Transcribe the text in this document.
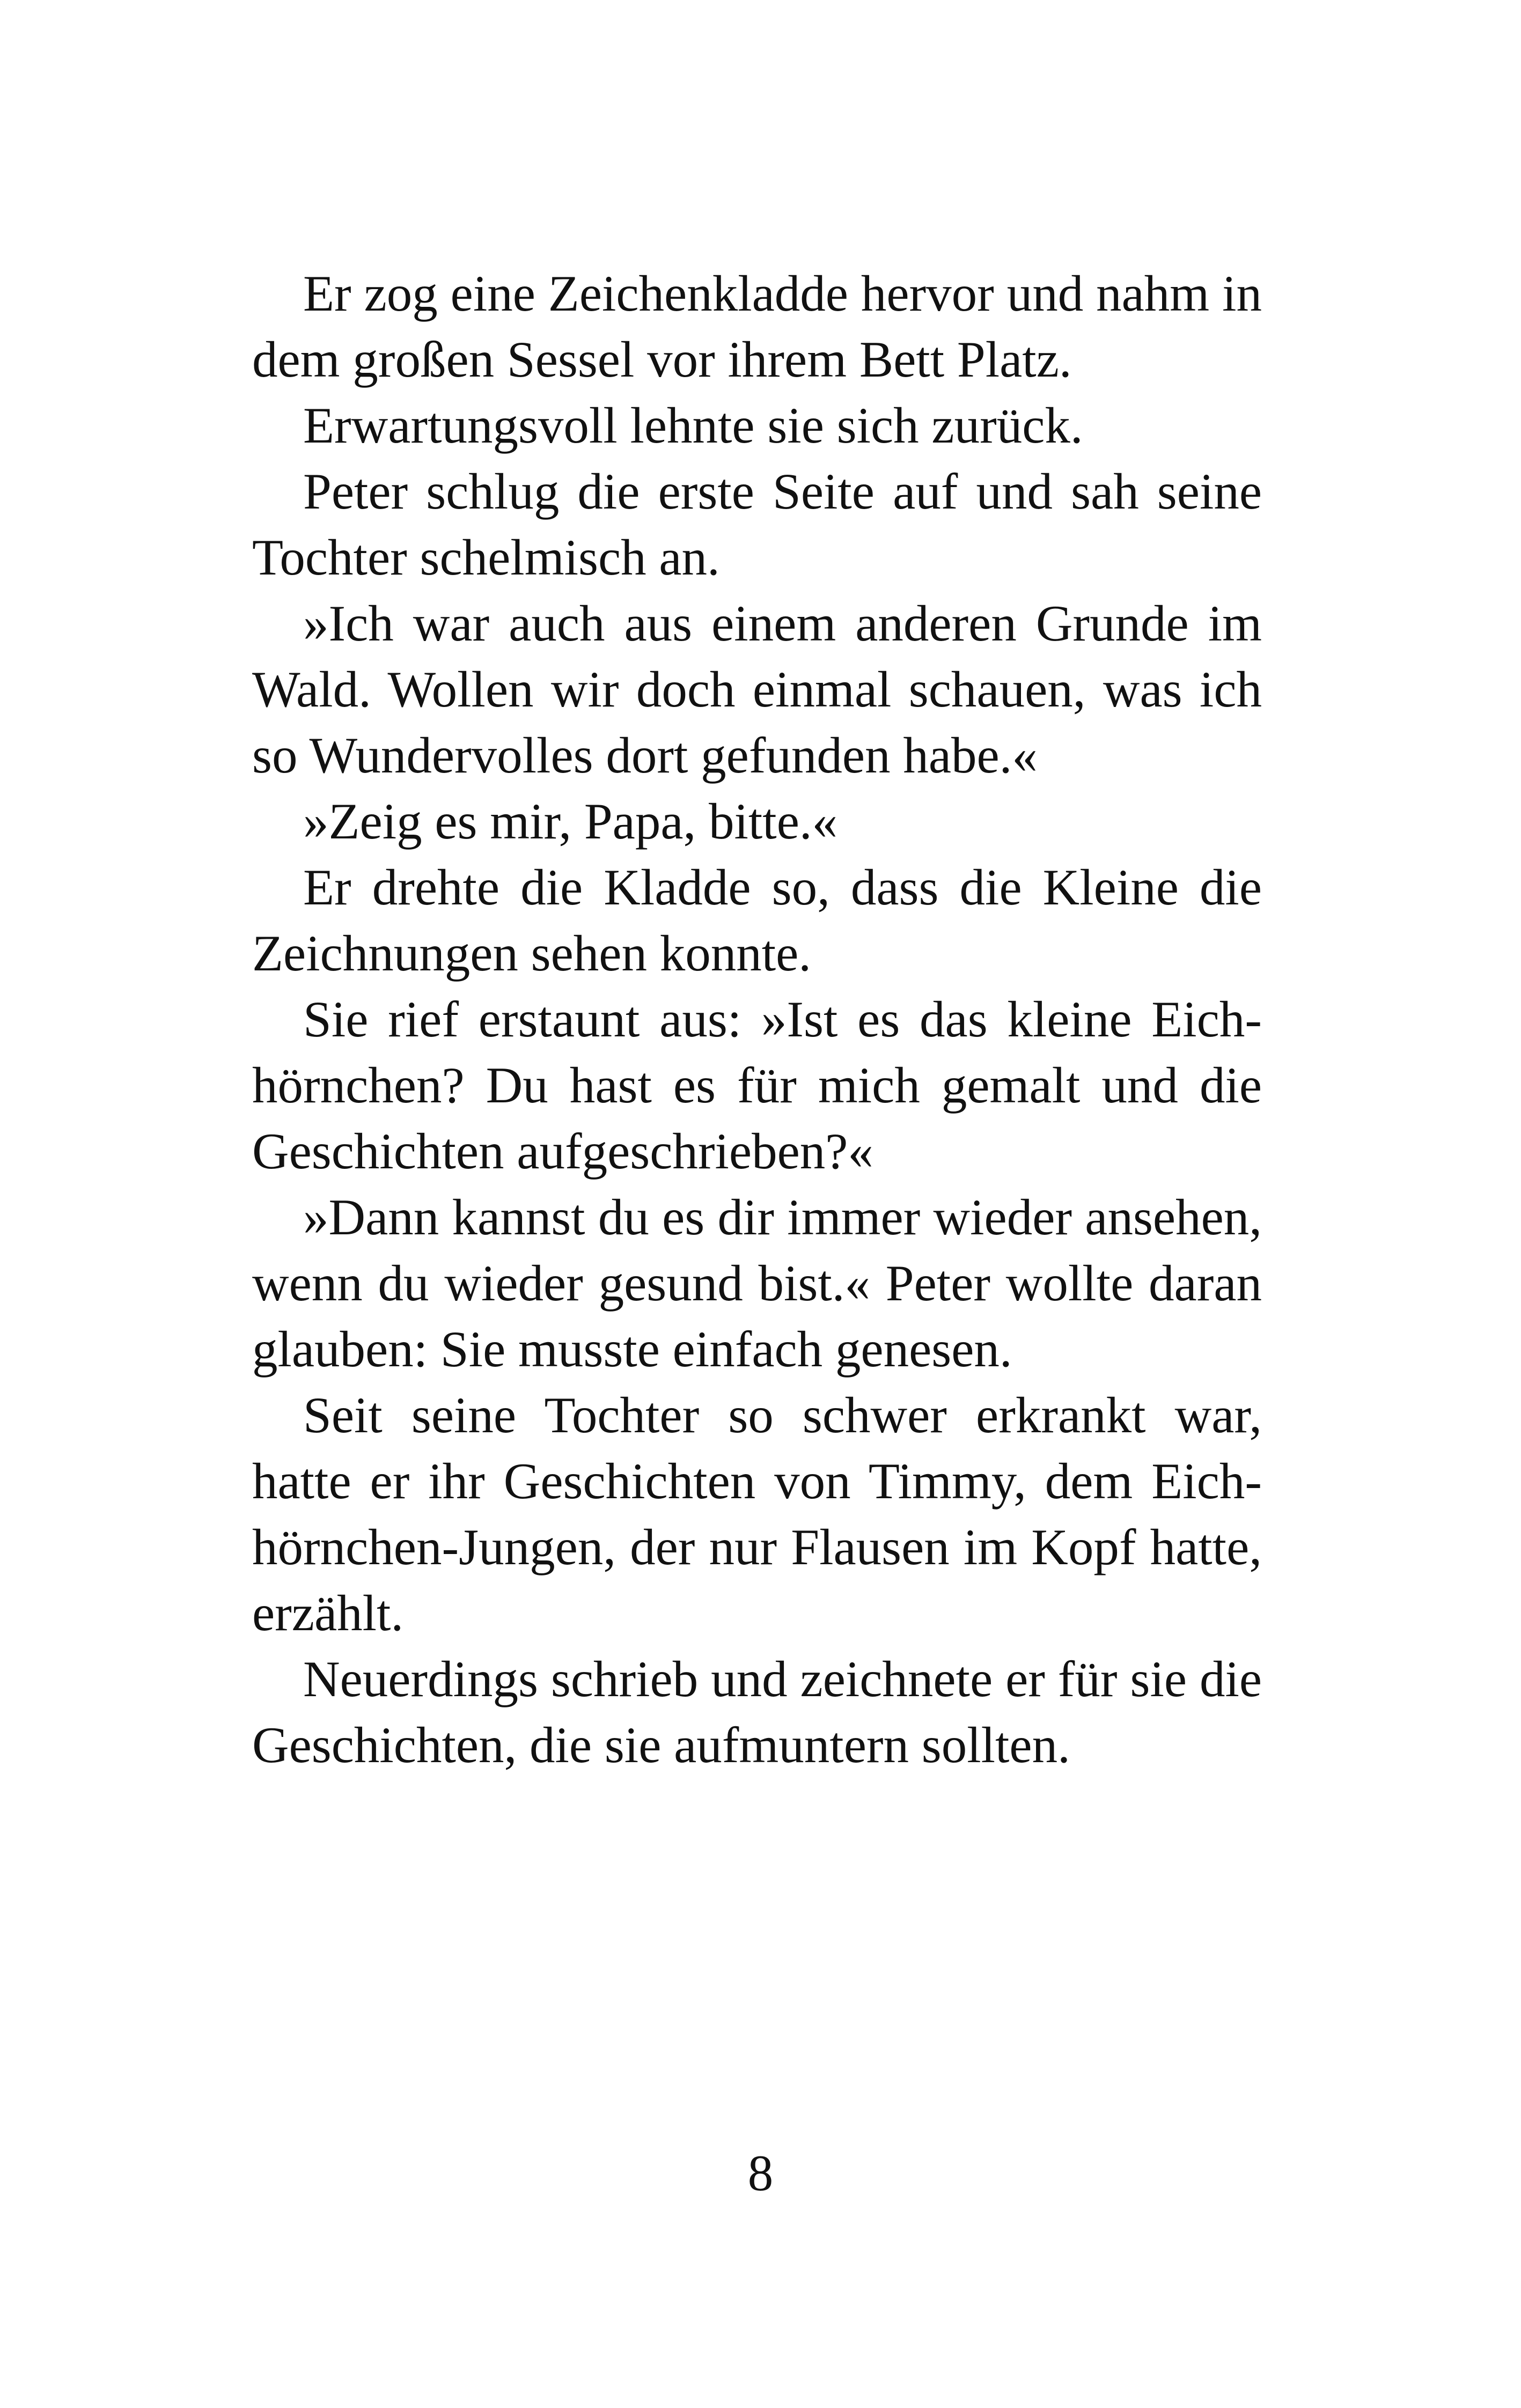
Er zog eine Zeichenkladde hervor und nahm in dem großen Sessel vor ihrem Bett Platz.

Erwartungsvoll lehnte sie sich zurück.

Peter schlug die erste Seite auf und sah seine Tochter schelmisch an.

»Ich war auch aus einem anderen Grunde im Wald. Wollen wir doch einmal schauen, was ich so Wundervolles dort gefunden habe.«

»Zeig es mir, Papa, bitte.«

Er drehte die Kladde so, dass die Kleine die Zeichnungen sehen konnte.

Sie rief erstaunt aus: »Ist es das kleine Eichhörnchen? Du hast es für mich gemalt und die Geschichten aufgeschrieben?«

»Dann kannst du es dir immer wieder ansehen, wenn du wieder gesund bist.« Peter wollte daran glauben: Sie musste einfach genesen.

Seit seine Tochter so schwer erkrankt war, hatte er ihr Geschichten von Timmy, dem Eichhörnchen-Jungen, der nur Flausen im Kopf hatte, erzählt.

Neuerdings schrieb und zeichnete er für sie die Geschichten, die sie aufmuntern sollten.

8
